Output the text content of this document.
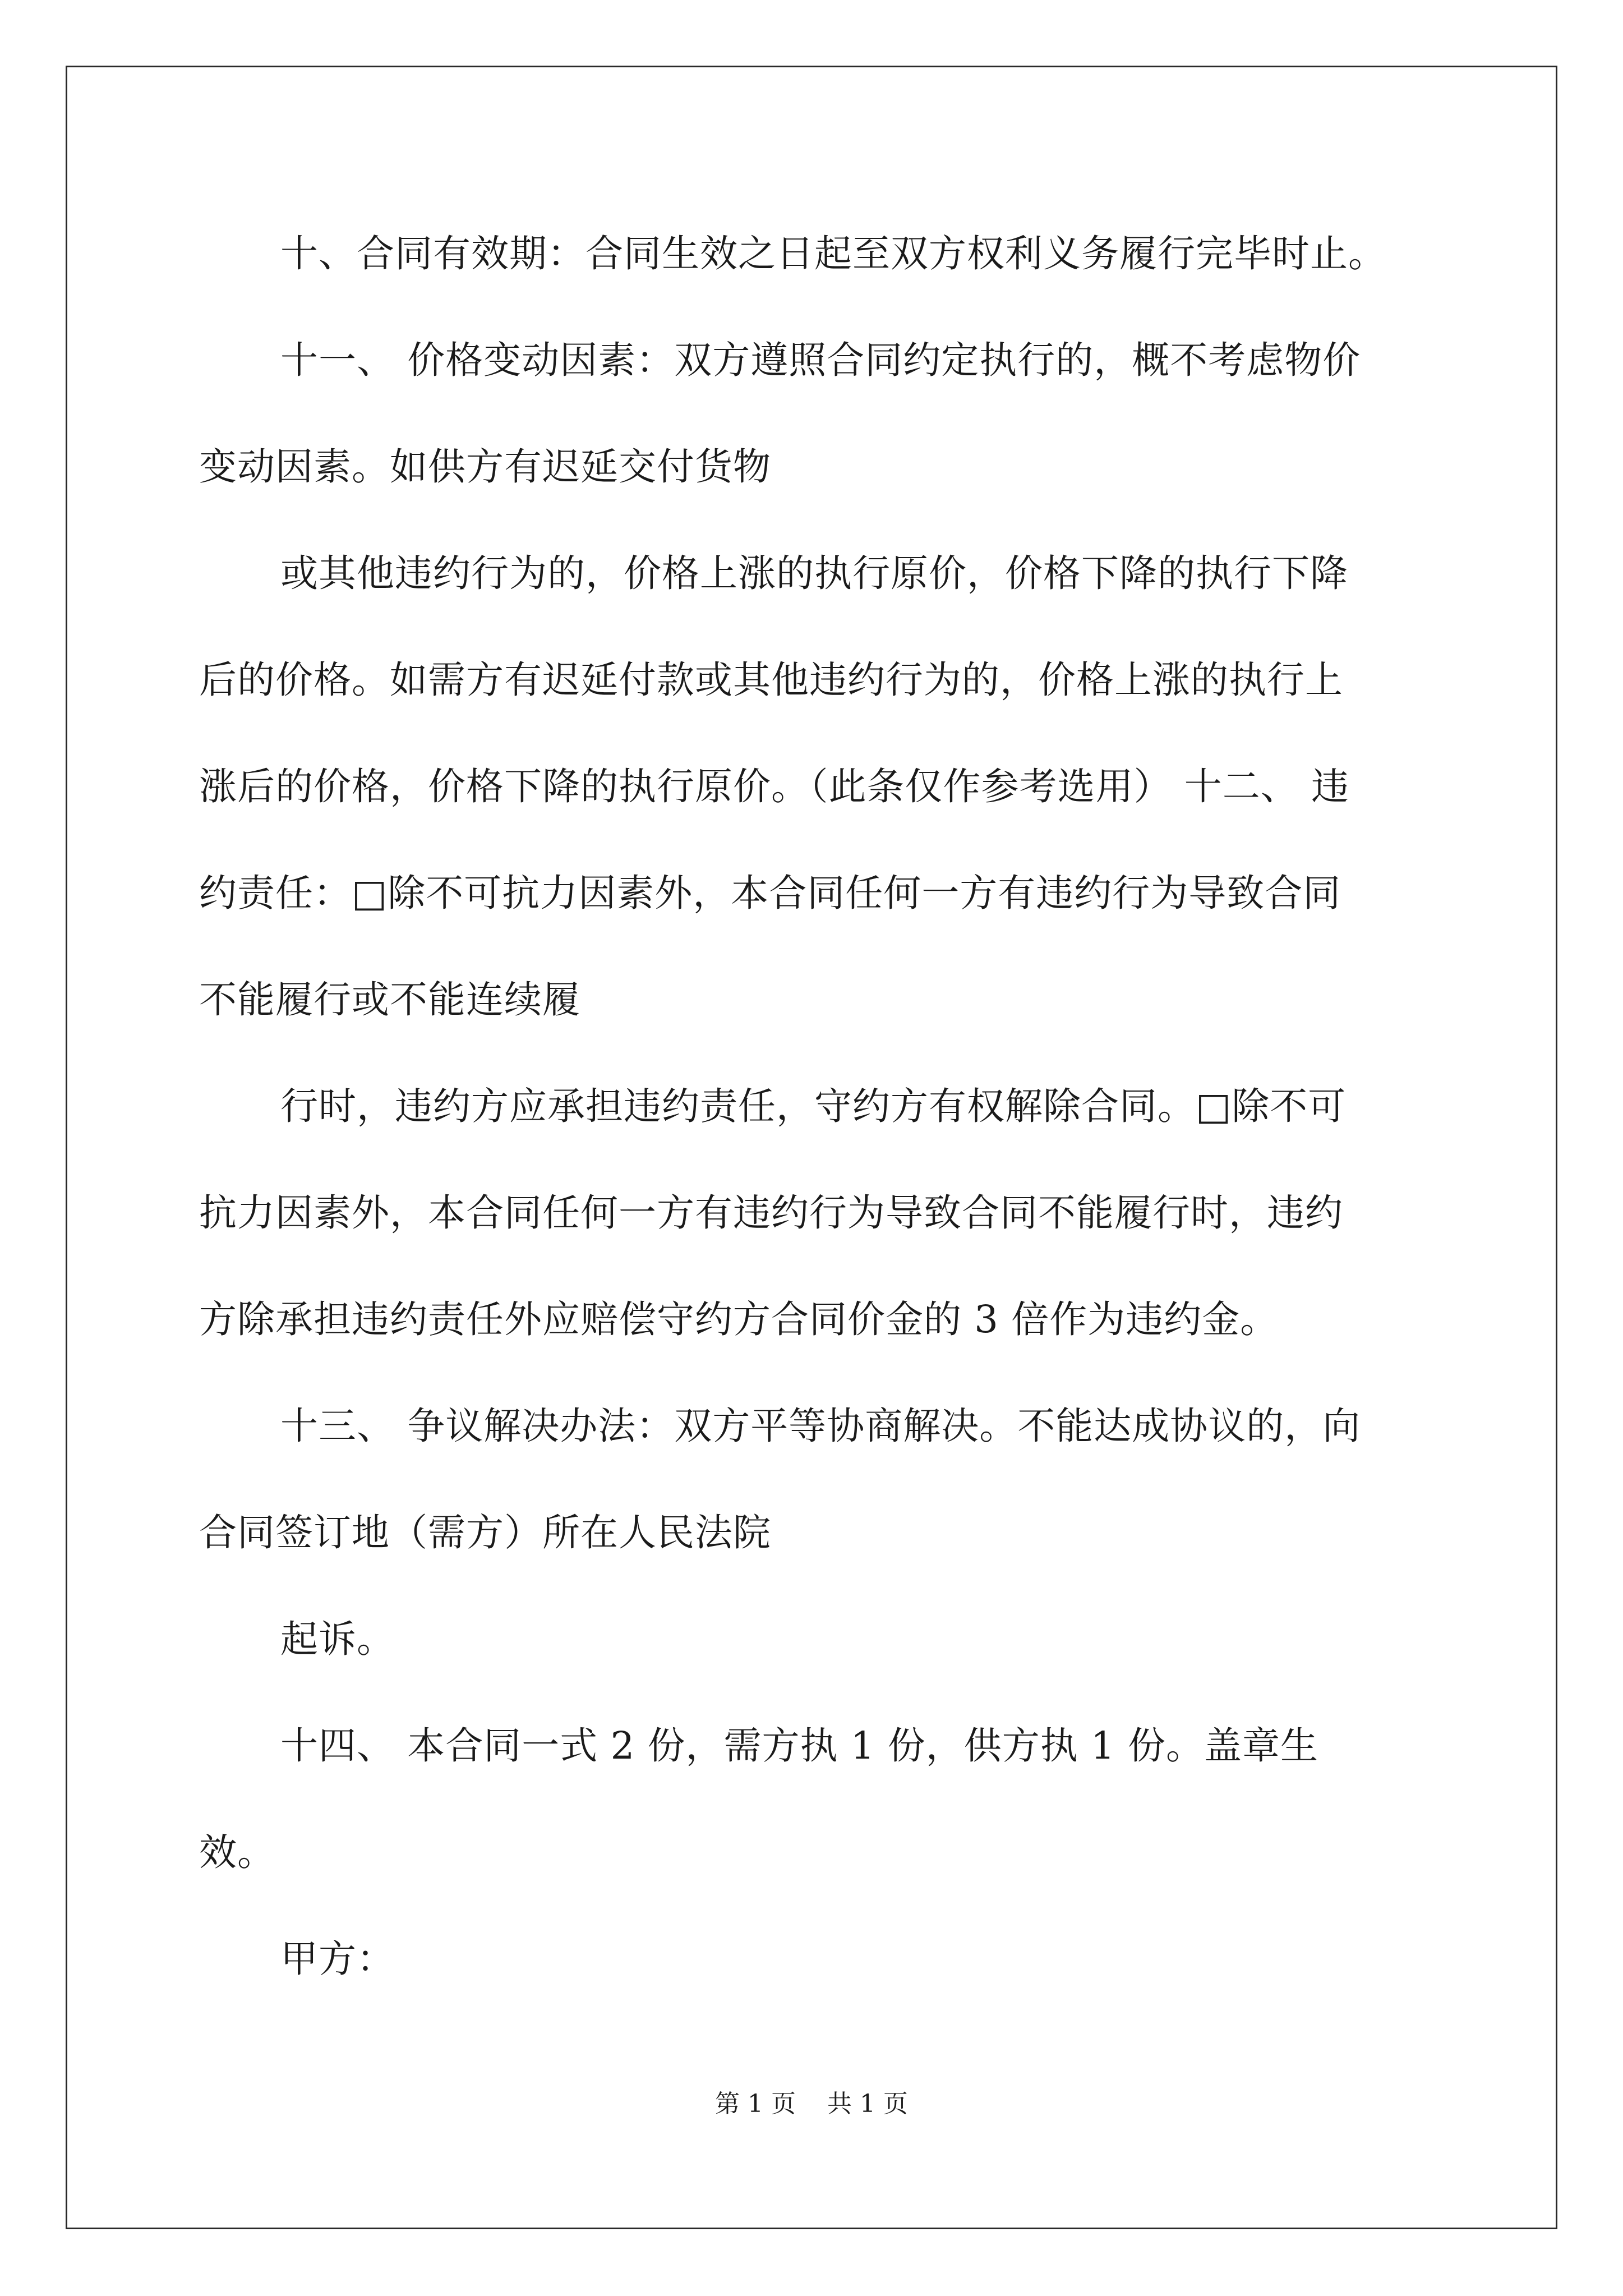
十、合同有效期：合同生效之日起至双方权利义务履行完毕时止。
十一、 价格变动因素：双方遵照合同约定执行的，概不考虑物价
变动因素。如供方有迟延交付货物
或其他违约行为的，价格上涨的执行原价，价格下降的执行下降
后的价格。如需方有迟延付款或其他违约行为的，价格上涨的执行上
涨后的价格，价格下降的执行原价。（此条仅作参考选用） 十二、 违
约责任：□除不可抗力因素外，本合同任何一方有违约行为导致合同
不能履行或不能连续履
行时，违约方应承担违约责任，守约方有权解除合同。□除不可
抗力因素外，本合同任何一方有违约行为导致合同不能履行时，违约
方除承担违约责任外应赔偿守约方合同价金的 3 倍作为违约金。
十三、 争议解决办法：双方平等协商解决。不能达成协议的，向
合同签订地（需方）所在人民法院
起诉。
十四、 本合同一式 2 份，需方执 1 份，供方执 1 份。盖章生
效。
甲方：
第 1 页    共 1 页
